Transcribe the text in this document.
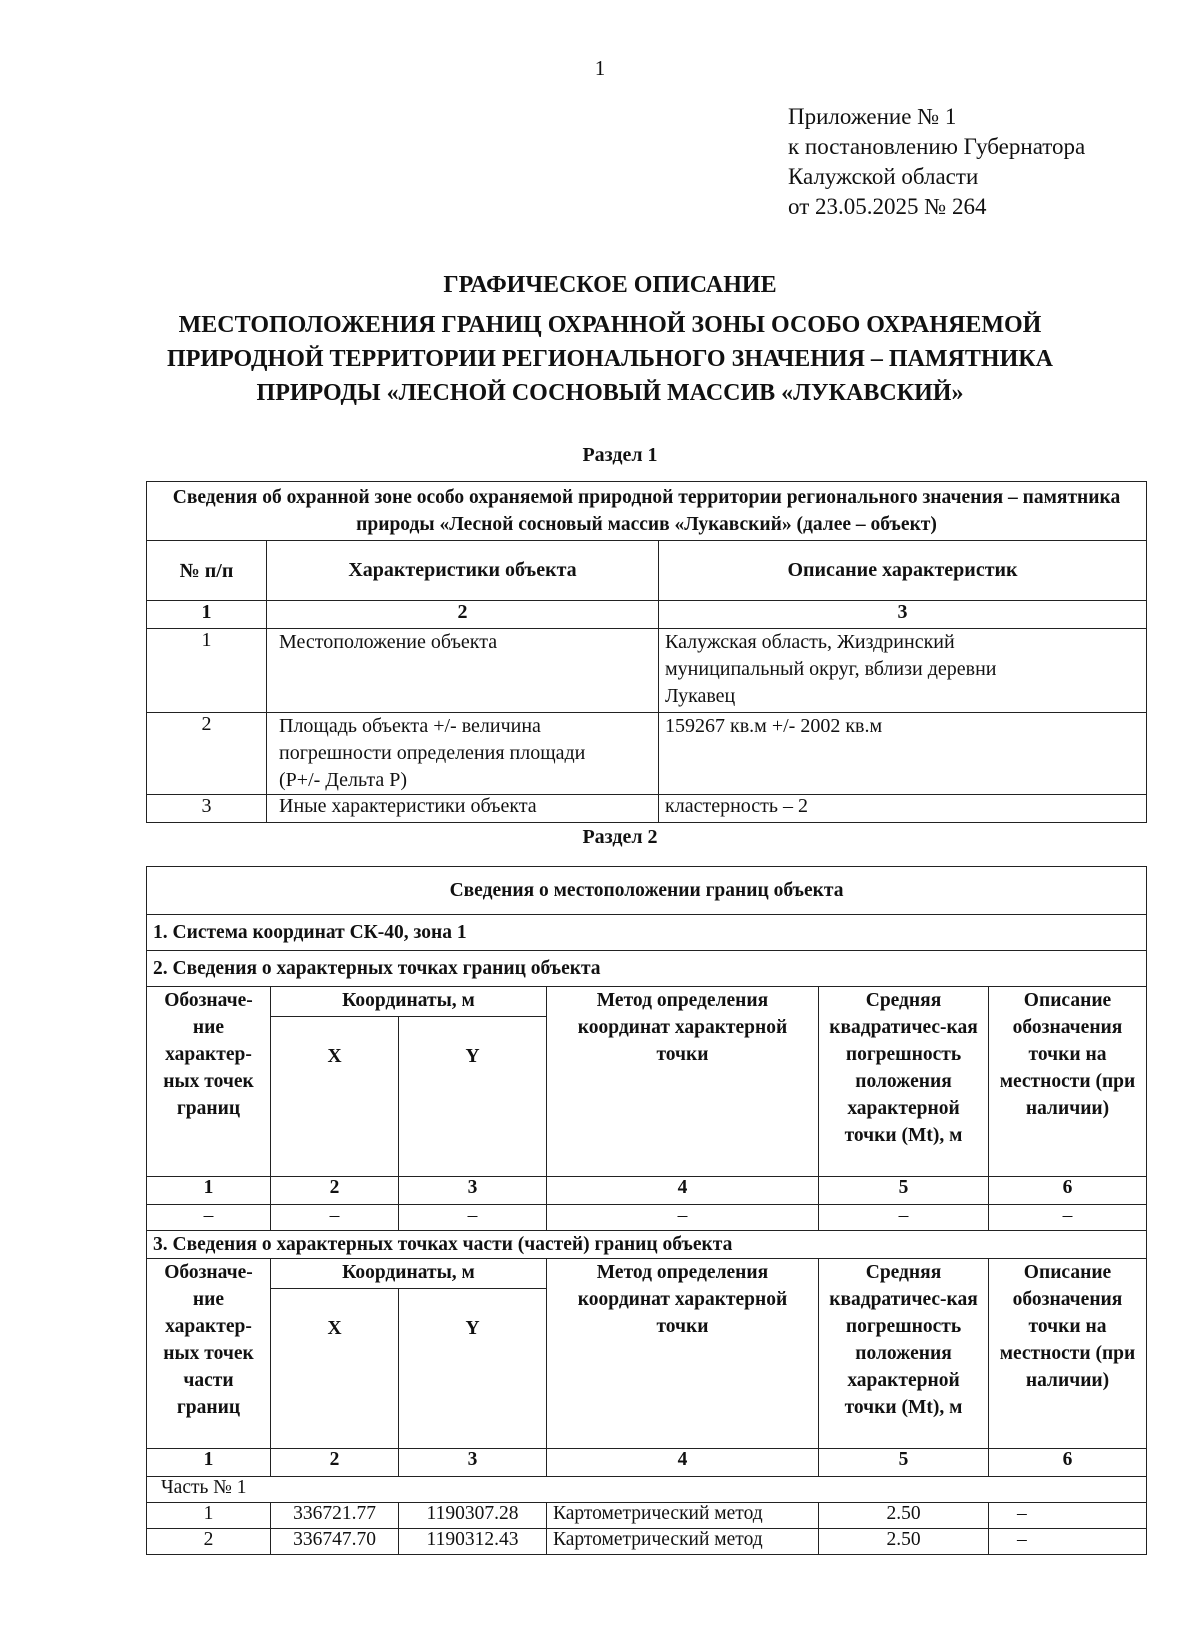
1
Приложение № 1
к постановлению Губернатора
Калужской области
от 23.05.2025 № 264
ГРАФИЧЕСКОЕ ОПИСАНИЕ
МЕСТОПОЛОЖЕНИЯ ГРАНИЦ ОХРАННОЙ ЗОНЫ ОСОБО ОХРАНЯЕМОЙ
ПРИРОДНОЙ ТЕРРИТОРИИ РЕГИОНАЛЬНОГО ЗНАЧЕНИЯ – ПАМЯТНИКА
ПРИРОДЫ «ЛЕСНОЙ СОСНОВЫЙ МАССИВ «ЛУКАВСКИЙ»
Раздел 1
Сведения об охранной зоне особо охраняемой природной территории регионального значения – памятника природы «Лесной сосновый массив «Лукавский» (далее – объект)		
№ п/п	Характеристики объекта	Описание характеристик
1	2	3
1	Местоположение объекта	Калужская область, Жиздринский муниципальный округ, вблизи деревни Лукавец
2	Площадь объекта +/- величина погрешности определения площади (P+/- Дельта P)	159267 кв.м +/- 2002 кв.м
3	Иные характеристики объекта	кластерность – 2
Раздел 2
Сведения о местоположении границ объекта					
1. Система координат СК-40, зона 1					
2. Сведения о характерных точках границ объекта					
Обозначе-ние характер-ных точек границ	Координаты, м		Метод определения координат характерной точки	Средняя квадратичес-кая погрешность положения характерной точки (Mt), м	Описание обозначения точки на местности (при наличии)
	X	Y			
1	2	3	4	5	6
–	–	–	–	–	–
3. Сведения о характерных точках части (частей) границ объекта					
Обозначе-ние характер-ных точек части границ	Координаты, м		Метод определения координат характерной точки	Средняя квадратичес-кая погрешность положения характерной точки (Mt), м	Описание обозначения точки на местности (при наличии)
	X	Y			
1	2	3	4	5	6
Часть № 1					
1	336721.77	1190307.28	Картометрический метод	2.50	–
2	336747.70	1190312.43	Картометрический метод	2.50	–
